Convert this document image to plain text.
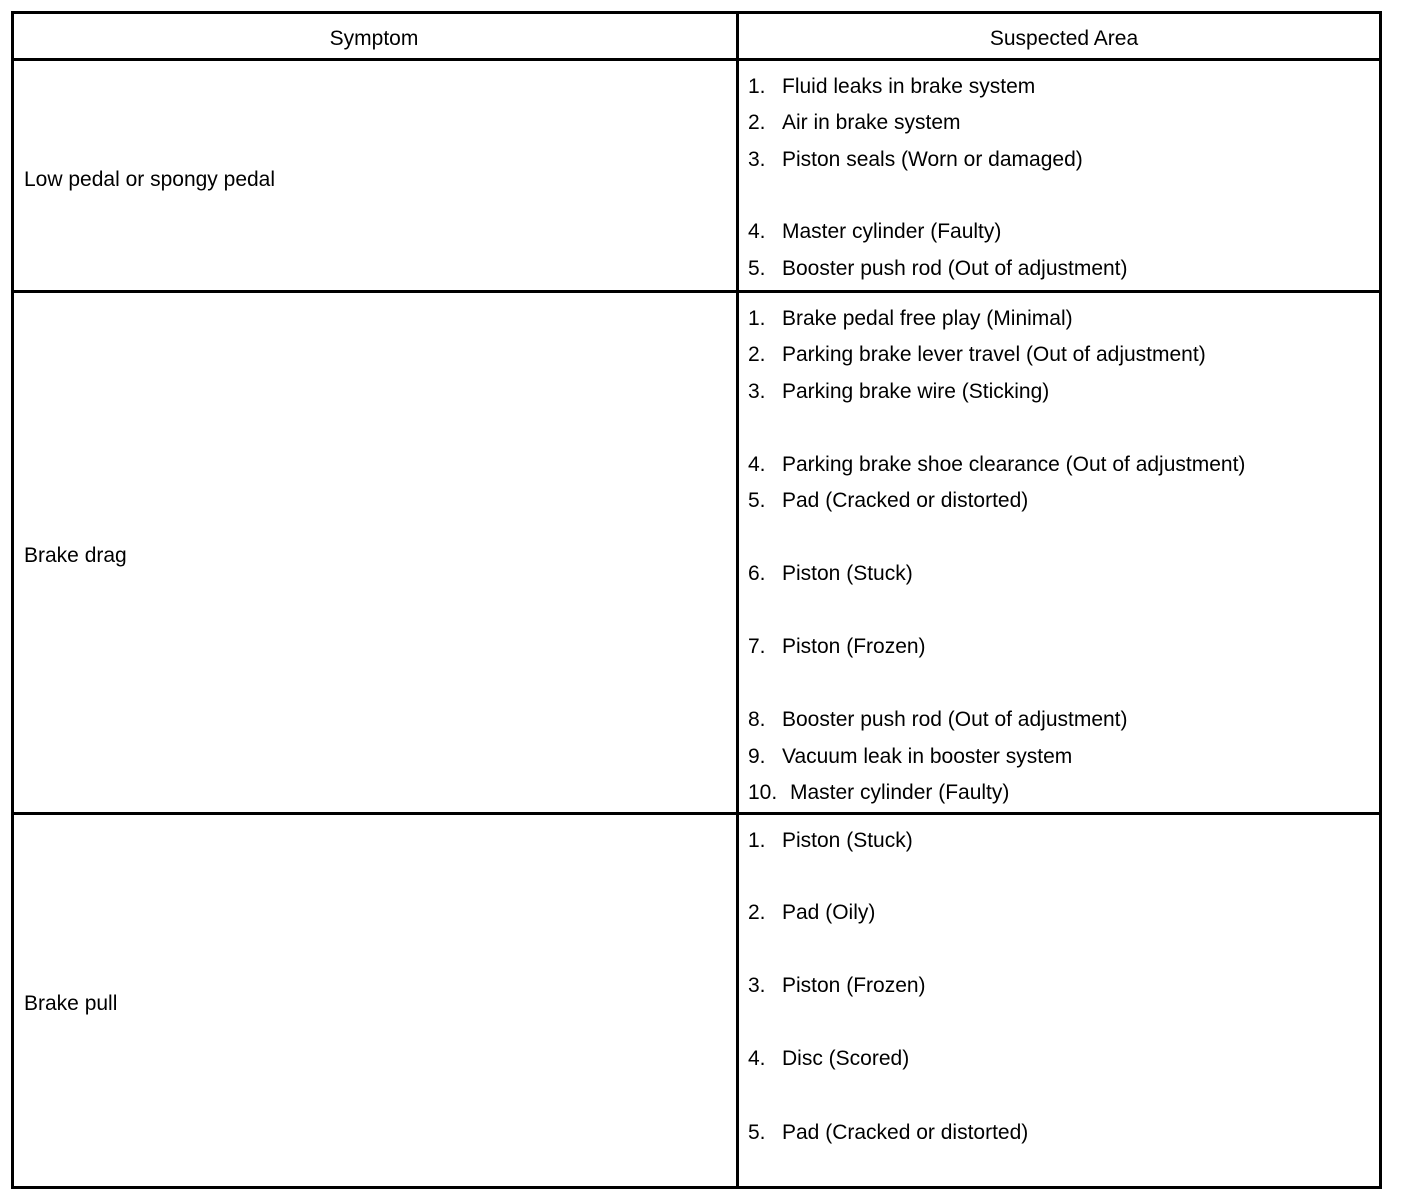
Symptom	Suspected Area
Low pedal or spongy pedal
1. Fluid leaks in brake system
2. Air in brake system
3. Piston seals (Worn or damaged)
4. Master cylinder (Faulty)
5. Booster push rod (Out of adjustment)
Brake drag
1. Brake pedal free play (Minimal)
2. Parking brake lever travel (Out of adjustment)
3. Parking brake wire (Sticking)
4. Parking brake shoe clearance (Out of adjustment)
5. Pad (Cracked or distorted)
6. Piston (Stuck)
7. Piston (Frozen)
8. Booster push rod (Out of adjustment)
9. Vacuum leak in booster system
10. Master cylinder (Faulty)
Brake pull
1. Piston (Stuck)
2. Pad (Oily)
3. Piston (Frozen)
4. Disc (Scored)
5. Pad (Cracked or distorted)
